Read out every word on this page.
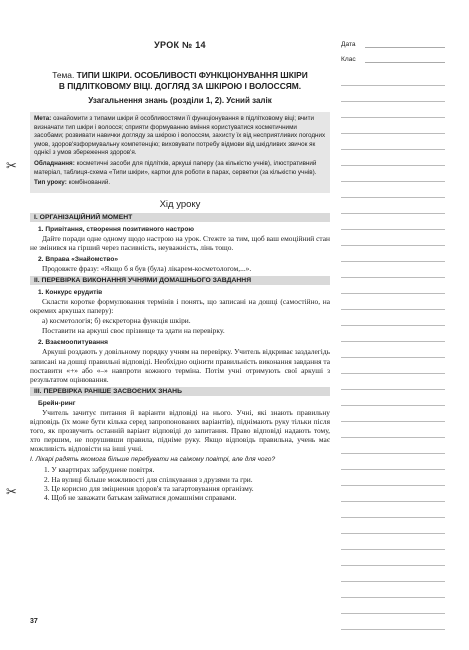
УРОК № 14
Тема. ТИПИ ШКІРИ. ОСОБЛИВОСТІ ФУНКЦІОНУВАННЯ ШКІРИ
В ПІДЛІТКОВОМУ ВІЦІ. ДОГЛЯД ЗА ШКІРОЮ І ВОЛОССЯМ.
Узагальнення знань (розділи 1, 2). Усний залік

Мета: ознайомити з типами шкіри й особливостями її функціонування в підлітковому віці; вчити визначати тип шкіри і волосся; сприяти формуванню вміння користуватися косметичними засобами; розвивати навички догляду за шкірою і волоссям, захисту їх від несприятливих погодних умов, здоров'язформувальну компетенцію; виховувати потребу відмови від шкідливих звичок як однієї з умов збереження здоров'я.

Обладнання: косметичні засоби для підлітків, аркуші паперу (за кількістю учнів), ілюстративний матеріал, таблиця-схема «Типи шкіри», картки для роботи в парах, серветки (за кількістю учнів).

Тип уроку: комбінований.

Хід уроку
І. ОРГАНІЗАЦІЙНИЙ МОМЕНТ
1. Привітання, створення позитивного настрою

Дайте поради одне одному щодо настрою на урок. Стежте за тим, щоб ваш емоційний стан не змінився на гірший через пасивність, неуважність, лінь тощо.

2. Вправа «Знайомство»

Продовжте фразу: «Якщо б я був (була) лікарем-косметологом,...».

ІІ. ПЕРЕВІРКА ВИКОНАННЯ УЧНЯМИ ДОМАШНЬОГО ЗАВДАННЯ
1. Конкурс ерудитів

Скласти коротке формулювання термінів і понять, що записані на дошці (самостійно, на окремих аркушах паперу):

а) косметологія; б) екскреторна функція шкіри.

Поставити на аркуші своє прізвище та здати на перевірку.

2. Взаємоопитування

Аркуші роздають у довільному порядку учням на перевірку. Учитель відкриває заздалегідь записані на дошці правильні відповіді. Необхідно оцінити правильність виконання завдання та поставити «+» або «–» навпроти кожного терміна. Потім учні отримують свої аркуші з результатом оцінювання.

ІІІ. ПЕРЕВІРКА РАНІШЕ ЗАСВОЄНИХ ЗНАНЬ
Брейн-ринг

Учитель зачитує питання й варіанти відповіді на нього. Учні, які знають правильну відповідь (їх може бути кілька серед запропонованих варіантів), піднімають руку тільки після того, як прозвучить останній варіант відповіді до запитання. Право відповіді надають тому, хто першим, не порушивши правила, підніме руку. Якщо відповідь правильна, учень має можливість відповісти на інші учні.

І. Лікарі радять якомога більше перебувати на свіжому повітрі, але для чого?
1. У квартирах забруднене повітря.
2. На вулиці більше можливості для спілкування з друзями та гри.
3. Це корисно для зміцнення здоров'я та загартовування організму.
4. Щоб не заважати батькам займатися домашніми справами.
37
Дата
Клас
✂
✂
